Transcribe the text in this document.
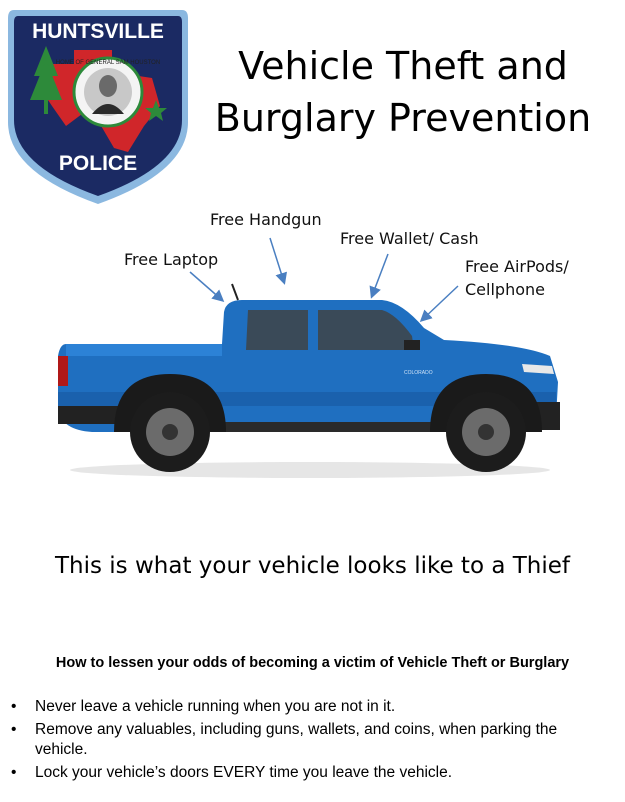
HUNTSVILLE
HOME OF GENERAL SAM HOUSTON
POLICE
Vehicle Theft and
Burglary Prevention
Free Handgun
Free Wallet/ Cash
Free Laptop	Free AirPods/
Cellphone
COLORADO
This is what your vehicle looks like to a Thief
How to lessen your odds of becoming a victim of Vehicle Theft or Burglary
• Never leave a vehicle running when you are not in it.
• Remove any valuables, including guns, wallets, and coins, when parking the vehicle.
• Lock your vehicle’s doors EVERY time you leave the vehicle.
